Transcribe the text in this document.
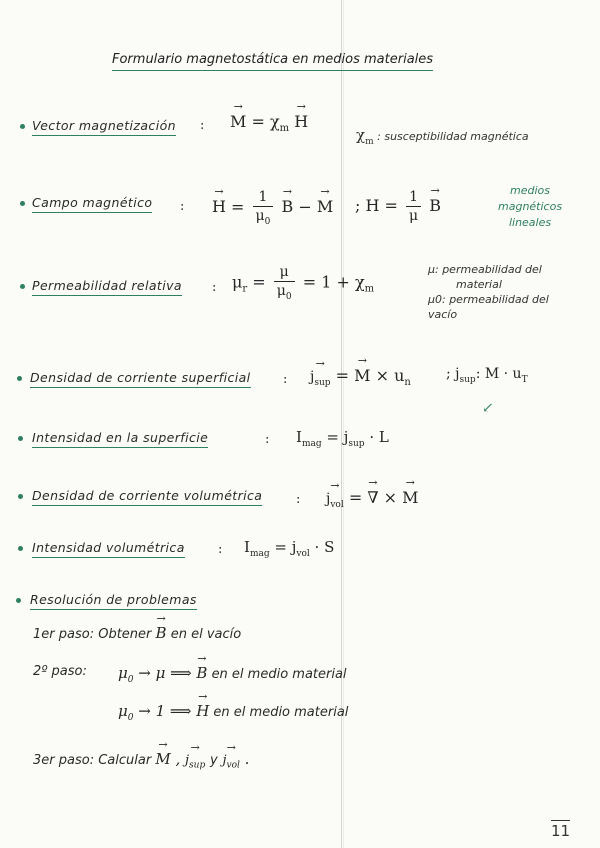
Formulario magnetostática en medios materiales
Vector magnetización :
→ $M = \chi_m \to H$
$\chi_m$ : susceptibilidad magnética
Campo magnético :
→ $H = \frac{1}{\mu_0}$
→ B − → M ; $H = \frac{1}{\mu}$
→ B
↙
medios
magnéticos
lineales
Permeabilidad relativa : $\mu_r = \frac{\mu}{\mu_0} = 1 + \chi_m$
μ: permeabilidad del
material
μ0: permeabilidad del
vacío
Densidad de corriente superficial :
→ $j_{sup}$ = → $M \times u_n$
; $j_{sup}$: $M \cdot u_T$
Intensidad en la superficie	: $I_{mag} = j_{sup} \cdot L$
Densidad de corriente volumétrica	:
→ $j_{vol}$ = → ∇ × → M
Intensidad volumétrica	: $I_{mag} = j_{vol} \cdot S$
Resolución de problemas
1er paso: Obtener → B en el vacío
2º paso: $\mu_0 \to \mu$ ⟹ → B en el medio material
$\mu_0 \to 1$ ⟹ → H en el medio material
3er paso: Calcular → M , → $j_{sup}$ $y \to j_{vol}$ .
11
